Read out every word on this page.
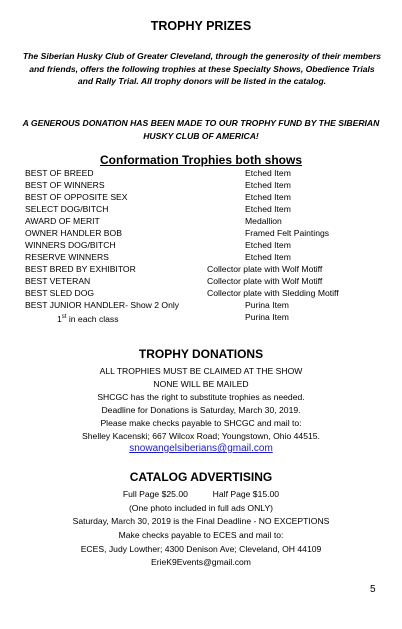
TROPHY PRIZES
The Siberian Husky Club of Greater Cleveland, through the generosity of their members and friends, offers the following trophies at these Specialty Shows, Obedience Trials and Rally Trial. All trophy donors will be listed in the catalog.
A GENEROUS DONATION HAS BEEN MADE TO OUR TROPHY FUND BY THE SIBERIAN HUSKY CLUB OF AMERICA!
Conformation Trophies both shows
BEST OF BREED	Etched Item
BEST OF WINNERS	Etched Item
BEST OF OPPOSITE SEX	Etched Item
SELECT DOG/BITCH	Etched Item
AWARD OF MERIT	Medallion
OWNER HANDLER BOB	Framed Felt Paintings
WINNERS DOG/BITCH	Etched Item
RESERVE WINNERS	Etched Item
BEST BRED BY EXHIBITOR	Collector plate with Wolf Motiff
BEST VETERAN	Collector plate with Wolf Motiff
BEST SLED DOG	Collector plate with Sledding Motiff
BEST JUNIOR HANDLER- Show 2 Only	Purina Item
1st in each class	Purina Item
TROPHY DONATIONS
ALL TROPHIES MUST BE CLAIMED AT THE SHOW
NONE WILL BE MAILED
SHCGC has the right to substitute trophies as needed.
Deadline for Donations is Saturday, March 30, 2019.
Please make checks payable to SHCGC and mail to:
Shelley Kacenski; 667 Wilcox Road; Youngstown, Ohio 44515.
snowangelsiberians@gmail.com
CATALOG ADVERTISING
Full Page $25.00	Half Page $15.00
(One photo included in full ads ONLY)
Saturday, March 30, 2019 is the Final Deadline - NO EXCEPTIONS
Make checks payable to ECES and mail to:
ECES, Judy Lowther; 4300 Denison Ave; Cleveland, OH 44109
ErieK9Events@gmail.com
5
